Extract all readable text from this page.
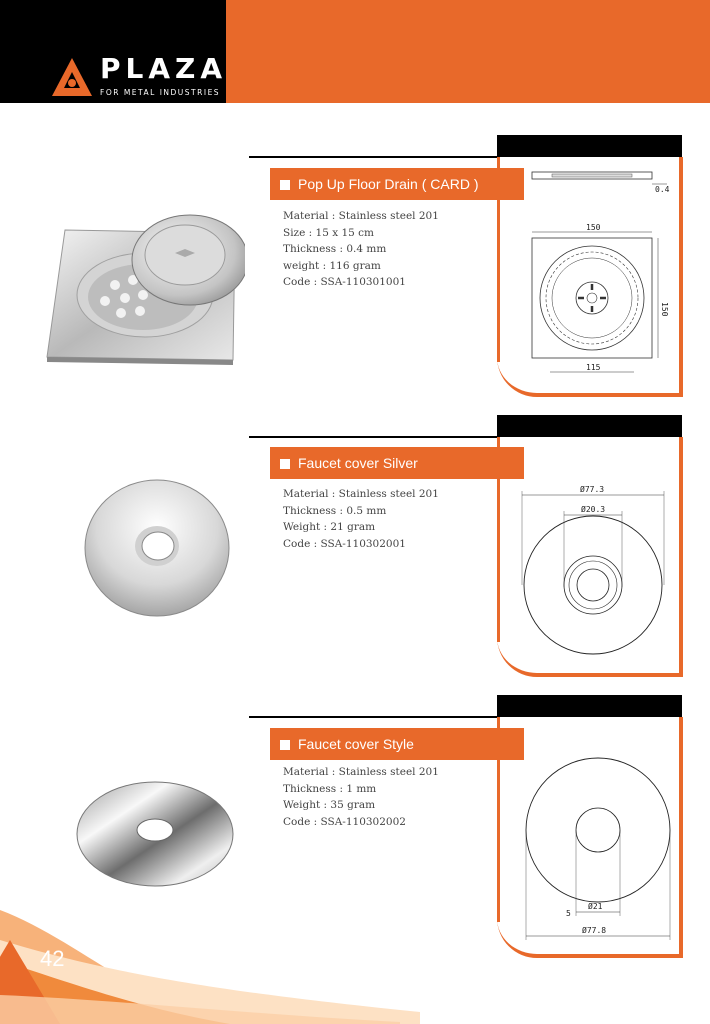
PLAZA
FOR METAL INDUSTRIES
Pop Up Floor Drain ( CARD )
Material : Stainless steel 201
Size : 15 x 15 cm
Thickness : 0.4 mm
weight : 116 gram
Code : SSA-110301001
0.4
150
150
115
Faucet cover Silver
Material : Stainless steel 201
Thickness : 0.5 mm
Weight : 21 gram
Code : SSA-110302001
Ø77.3
Ø20.3
Faucet cover Style
Material : Stainless steel 201
Thickness : 1 mm
Weight : 35 gram
Code : SSA-110302002
Ø21
5
Ø77.8
42
